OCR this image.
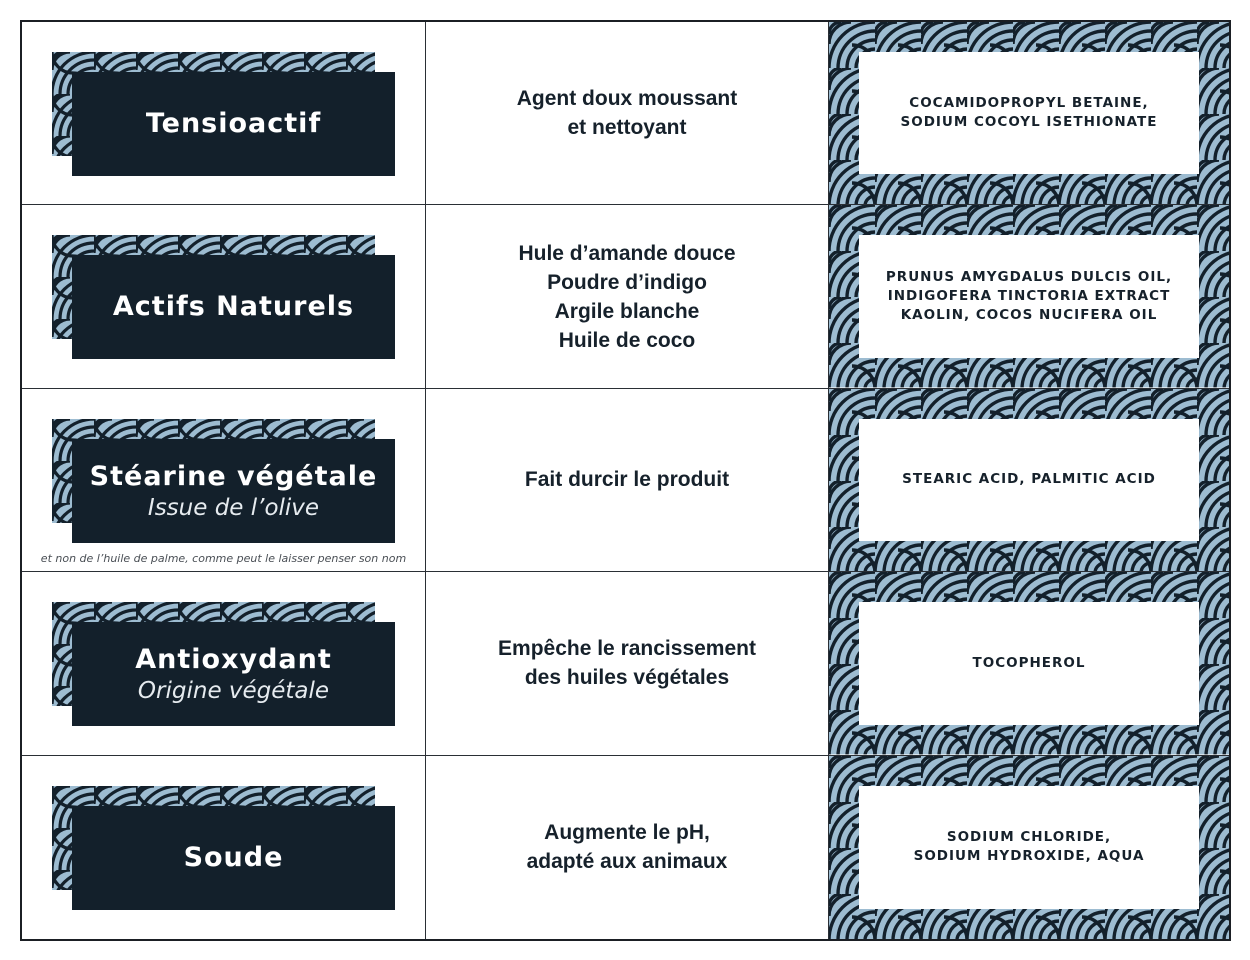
Tensioactif
Agent doux moussant
et nettoyant
COCAMIDOPROPYL BETAINE,
SODIUM COCOYL ISETHIONATE
Actifs Naturels
Hule d’amande douce
Poudre d’indigo
Argile blanche
Huile de coco
PRUNUS AMYGDALUS DULCIS OIL,
INDIGOFERA TINCTORIA EXTRACT
KAOLIN, COCOS NUCIFERA OIL
Stéarine végétale
Issue de l’olive
et non de l’huile de palme, comme peut le laisser penser son nom
Fait durcir le produit	STEARIC ACID, PALMITIC ACID
Antioxydant
Origine végétale
Empêche le rancissement
des huiles végétales
TOCOPHEROL
Soude
Augmente le pH,
adapté aux animaux
SODIUM CHLORIDE,
SODIUM HYDROXIDE, AQUA
